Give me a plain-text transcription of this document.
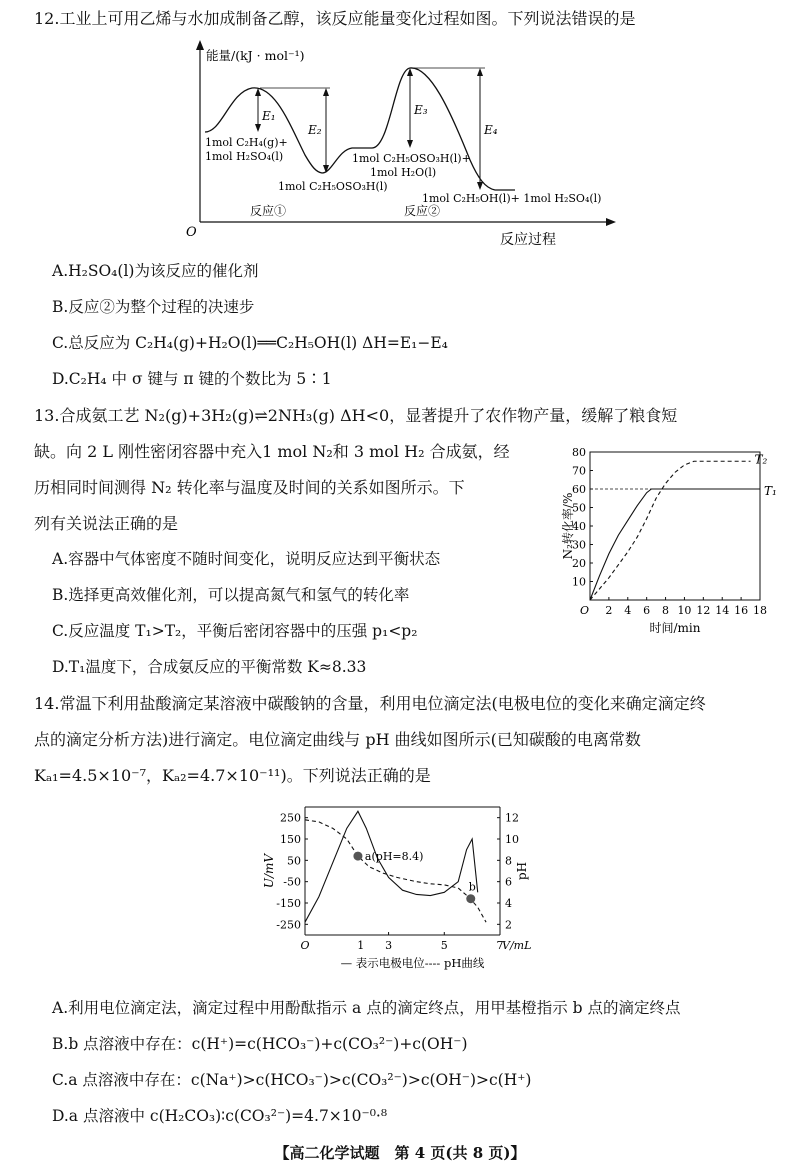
12.工业上可用乙烯与水加成制备乙醇，该反应能量变化过程如图。下列说法错误的是
能量/(kJ · mol⁻¹)
O	反应过程
E₁
E₂
E₃
E₄
1mol C₂H₄(g)+
1mol H₂SO₄(l)
1mol C₂H₅OSO₃H(l)
1mol C₂H₅OSO₃H(l)+
1mol H₂O(l)
1mol C₂H₅OH(l)+ 1mol H₂SO₄(l)
反应①	反应②
A.H₂SO₄(l)为该反应的催化剂
B.反应②为整个过程的决速步
C.总反应为 C₂H₄(g)+H₂O(l)══C₂H₅OH(l) ΔH=E₁−E₄
D.C₂H₄ 中 σ 键与 π 键的个数比为 5∶1
13.合成氨工艺 N₂(g)+3H₂(g)⇌2NH₃(g) ΔH<0，显著提升了农作物产量，缓解了粮食短
缺。向 2 L 刚性密闭容器中充入1 mol N₂和 3 mol H₂ 合成氨，经
历相同时间测得 N₂ 转化率与温度及时间的关系如图所示。下
列有关说法正确的是
A.容器中气体密度不随时间变化，说明反应达到平衡状态
B.选择更高效催化剂，可以提高氮气和氢气的转化率
C.反应温度 T₁>T₂，平衡后密闭容器中的压强 p₁<p₂
D.T₁温度下，合成氨反应的平衡常数 K≈8.33
10
20
30
40
50
60
70
80
2 4 6 8 10 12 14 16 18
O
时间/min
N₂转化率/%
T₁
T₂
14.常温下利用盐酸滴定某溶液中碳酸钠的含量，利用电位滴定法(电极电位的变化来确定滴定终
点的滴定分析方法)进行滴定。电位滴定曲线与 pH 曲线如图所示(已知碳酸的电离常数
Kₐ₁=4.5×10⁻⁷，Kₐ₂=4.7×10⁻¹¹)。下列说法正确的是
250
150
50
-50
-150
-250
12
10
8
6
4
2
O	3	5	7
1	V/mL
U/mV	pH
a(pH=8.4)
b
— 表示电极电位---- pH曲线
A.利用电位滴定法，滴定过程中用酚酞指示 a 点的滴定终点，用甲基橙指示 b 点的滴定终点
B.b 点溶液中存在：c(H⁺)=c(HCO₃⁻)+c(CO₃²⁻)+c(OH⁻)
C.a 点溶液中存在：c(Na⁺)>c(HCO₃⁻)>c(CO₃²⁻)>c(OH⁻)>c(H⁺)
D.a 点溶液中 c(H₂CO₃)∶c(CO₃²⁻)=4.7×10⁻⁰·⁸
【高二化学试题　第 4 页(共 8 页)】
